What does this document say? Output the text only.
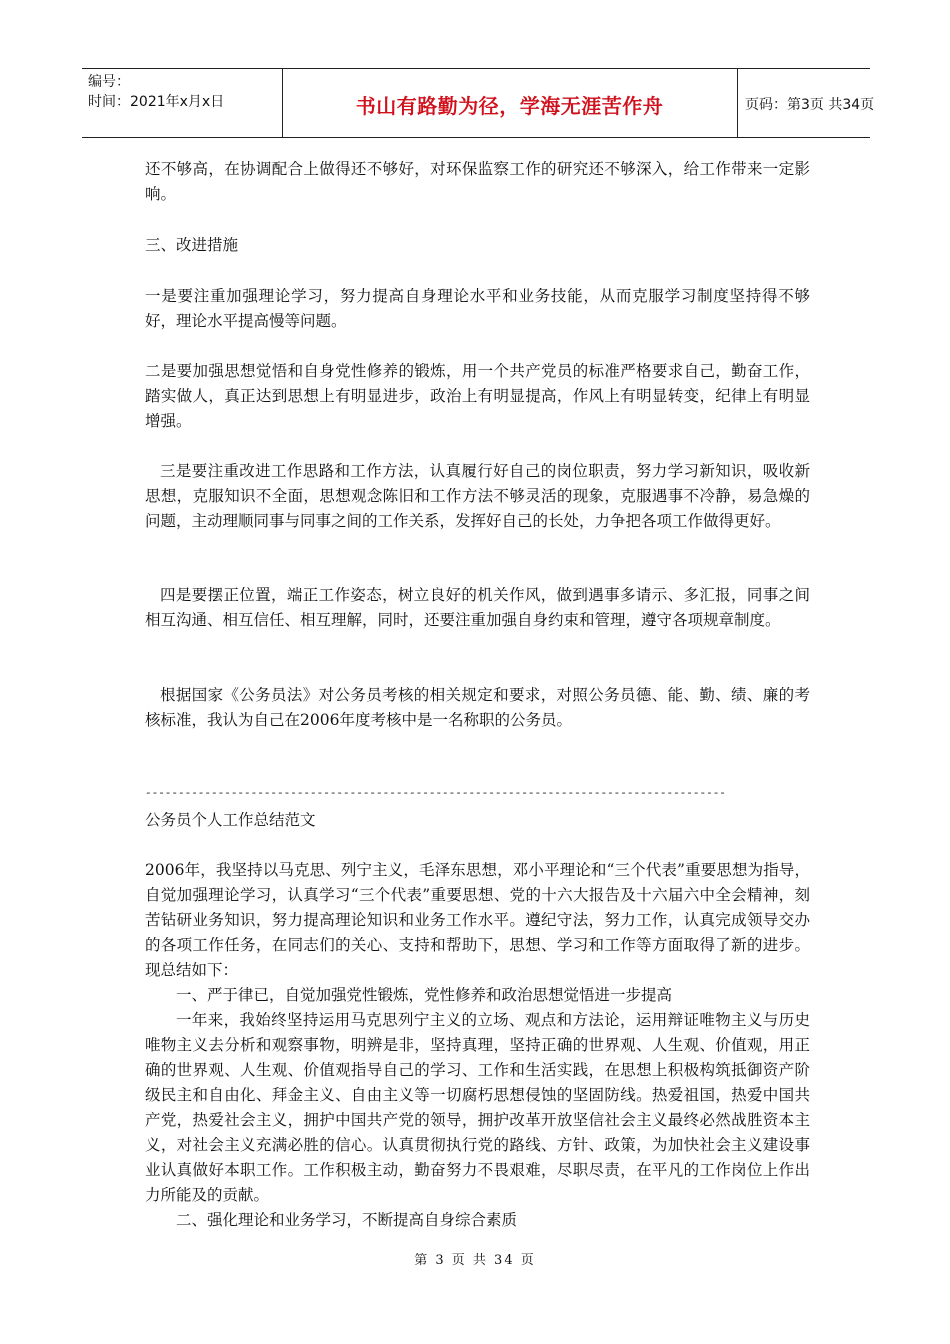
编号：
时间：2021年x月x日	书山有路勤为径，学海无涯苦作舟	页码：第3页 共34页

还不够高，在协调配合上做得还不够好，对环保监察工作的研究还不够深入，给工作带来一定影响。

三、改进措施

一是要注重加强理论学习，努力提高自身理论水平和业务技能，从而克服学习制度坚持得不够好，理论水平提高慢等问题。

二是要加强思想觉悟和自身党性修养的锻炼，用一个共产党员的标准严格要求自己，勤奋工作，踏实做人，真正达到思想上有明显进步，政治上有明显提高，作风上有明显转变，纪律上有明显增强。

三是要注重改进工作思路和工作方法，认真履行好自己的岗位职责，努力学习新知识，吸收新思想，克服知识不全面，思想观念陈旧和工作方法不够灵活的现象，克服遇事不冷静，易急燥的问题，主动理顺同事与同事之间的工作关系，发挥好自己的长处，力争把各项工作做得更好。

四是要摆正位置，端正工作姿态，树立良好的机关作风，做到遇事多请示、多汇报，同事之间相互沟通、相互信任、相互理解，同时，还要注重加强自身约束和管理，遵守各项规章制度。

根据国家《公务员法》对公务员考核的相关规定和要求，对照公务员德、能、勤、绩、廉的考核标准，我认为自己在2006年度考核中是一名称职的公务员。

----------------------------------------------------------------------------------------

公务员个人工作总结范文

2006年，我坚持以马克思、列宁主义，毛泽东思想，邓小平理论和“三个代表”重要思想为指导，自觉加强理论学习，认真学习“三个代表”重要思想、党的十六大报告及十六届六中全会精神，刻苦钻研业务知识，努力提高理论知识和业务工作水平。遵纪守法，努力工作，认真完成领导交办的各项工作任务，在同志们的关心、支持和帮助下，思想、学习和工作等方面取得了新的进步。现总结如下：

一、严于律已，自觉加强党性锻炼，党性修养和政治思想觉悟进一步提高

一年来，我始终坚持运用马克思列宁主义的立场、观点和方法论，运用辩证唯物主义与历史唯物主义去分析和观察事物，明辨是非，坚持真理，坚持正确的世界观、人生观、价值观，用正确的世界观、人生观、价值观指导自己的学习、工作和生活实践，在思想上积极构筑抵御资产阶级民主和自由化、拜金主义、自由主义等一切腐朽思想侵蚀的坚固防线。热爱祖国，热爱中国共产党，热爱社会主义，拥护中国共产党的领导，拥护改革开放坚信社会主义最终必然战胜资本主义，对社会主义充满必胜的信心。认真贯彻执行党的路线、方针、政策，为加快社会主义建设事业认真做好本职工作。工作积极主动，勤奋努力不畏艰难，尽职尽责，在平凡的工作岗位上作出力所能及的贡献。

二、强化理论和业务学习，不断提高自身综合素质

第 3 页 共 34 页
